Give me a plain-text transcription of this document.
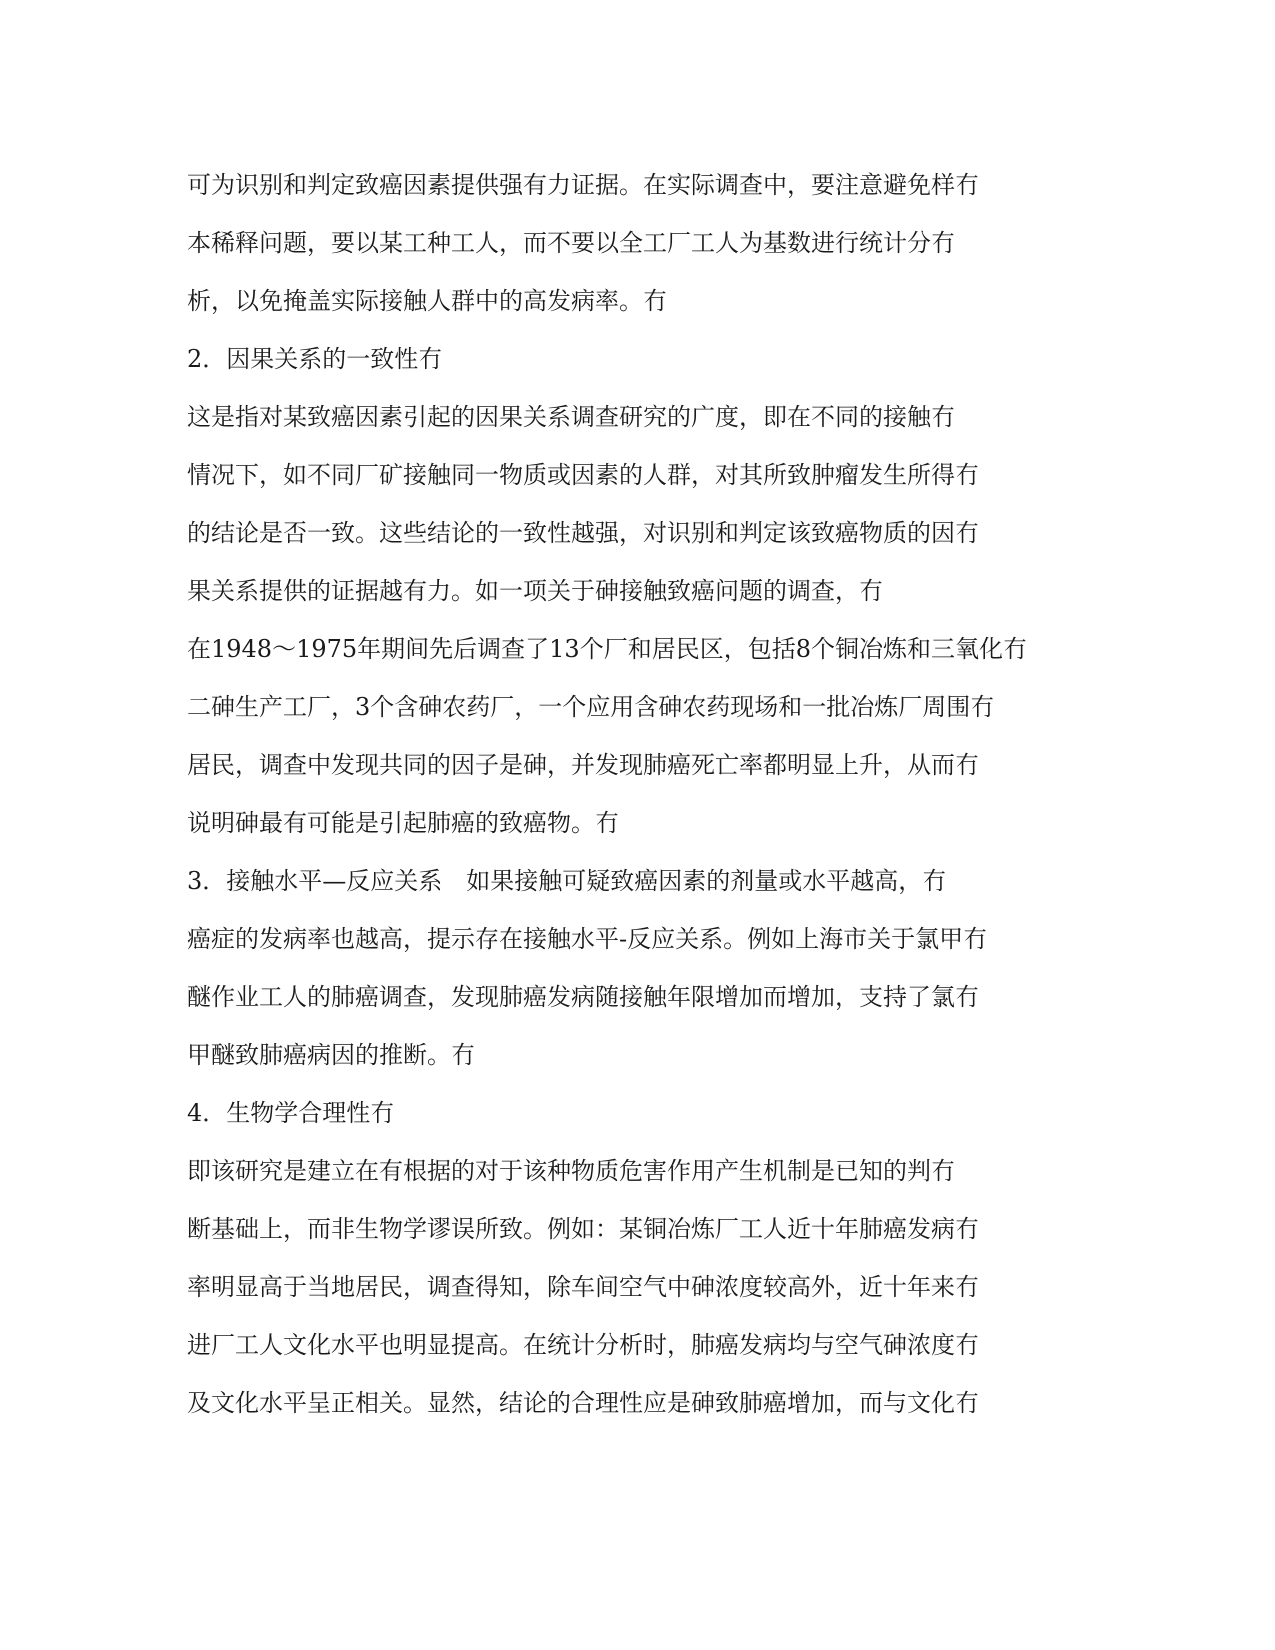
可为识别和判定致癌因素提供强有力证据。在实际调查中，要注意避免样冇
本稀释问题，要以某工种工人，而不要以全工厂工人为基数进行统计分冇
析，以免掩盖实际接触人群中的高发病率。冇
2．因果关系的一致性冇
这是指对某致癌因素引起的因果关系调查研究的广度，即在不同的接触冇
情况下，如不同厂矿接触同一物质或因素的人群，对其所致肿瘤发生所得冇
的结论是否一致。这些结论的一致性越强，对识别和判定该致癌物质的因冇
果关系提供的证据越有力。如一项关于砷接触致癌问题的调查，冇
在1948～1975年期间先后调查了13个厂和居民区，包括8个铜冶炼和三氧化冇
二砷生产工厂，3个含砷农药厂，一个应用含砷农药现场和一批冶炼厂周围冇
居民，调查中发现共同的因子是砷，并发现肺癌死亡率都明显上升，从而冇
说明砷最有可能是引起肺癌的致癌物。冇
3．接触水平—反应关系　如果接触可疑致癌因素的剂量或水平越高，冇
癌症的发病率也越高，提示存在接触水平-反应关系。例如上海市关于氯甲冇
醚作业工人的肺癌调查，发现肺癌发病随接触年限增加而增加，支持了氯冇
甲醚致肺癌病因的推断。冇
4．生物学合理性冇
即该研究是建立在有根据的对于该种物质危害作用产生机制是已知的判冇
断基础上，而非生物学谬误所致。例如：某铜冶炼厂工人近十年肺癌发病冇
率明显高于当地居民，调查得知，除车间空气中砷浓度较高外，近十年来冇
进厂工人文化水平也明显提高。在统计分析时，肺癌发病均与空气砷浓度冇
及文化水平呈正相关。显然，结论的合理性应是砷致肺癌增加，而与文化冇
